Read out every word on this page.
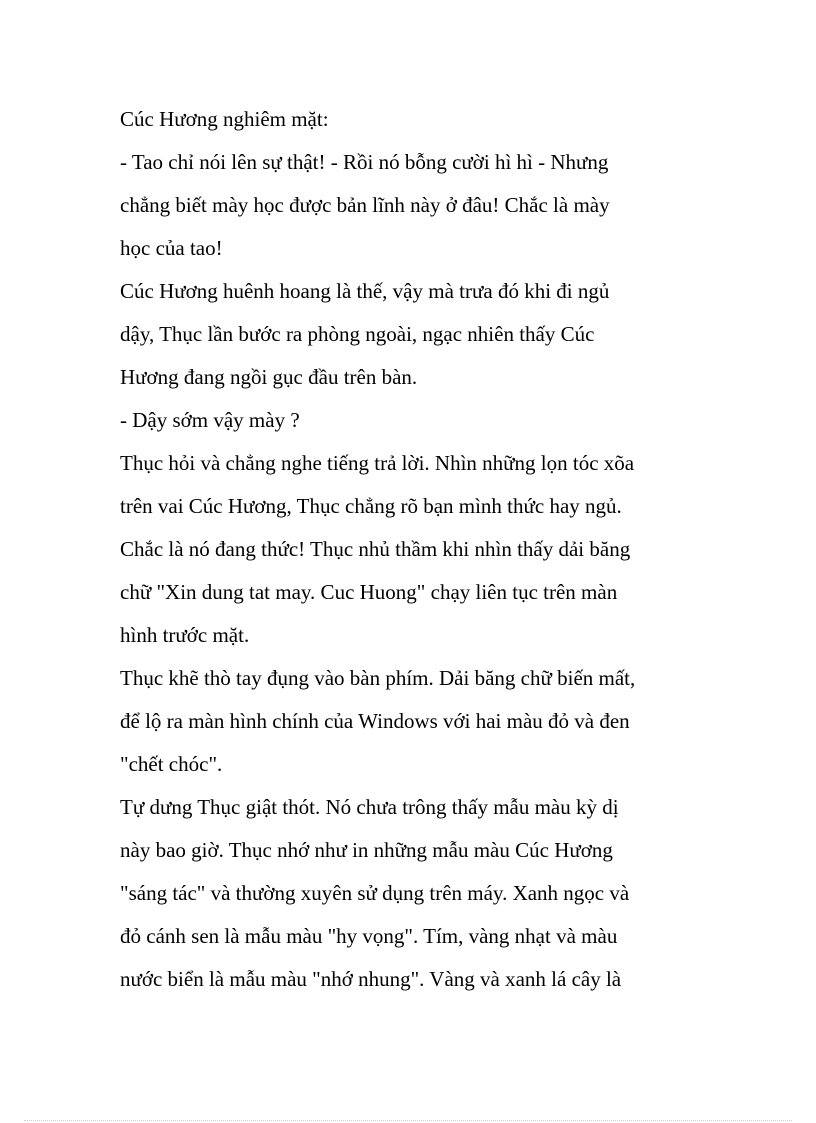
Cúc Hương nghiêm mặt:

- Tao chỉ nói lên sự thật! - Rồi nó bỗng cười hì hì - Nhưng

chẳng biết mày học được bản lĩnh này ở đâu! Chắc là mày

học của tao!

Cúc Hương huênh hoang là thế, vậy mà trưa đó khi đi ngủ

dậy, Thục lần bước ra phòng ngoài, ngạc nhiên thấy Cúc

Hương đang ngồi gục đầu trên bàn.

- Dậy sớm vậy mày ?

Thục hỏi và chẳng nghe tiếng trả lời. Nhìn những lọn tóc xõa

trên vai Cúc Hương, Thục chẳng rõ bạn mình thức hay ngủ.

Chắc là nó đang thức! Thục nhủ thầm khi nhìn thấy dải băng

chữ "Xin dung tat may. Cuc Huong" chạy liên tục trên màn

hình trước mặt.

Thục khẽ thò tay đụng vào bàn phím. Dải băng chữ biến mất,

để lộ ra màn hình chính của Windows với hai màu đỏ và đen

"chết chóc".

Tự dưng Thục giật thót. Nó chưa trông thấy mẫu màu kỳ dị

này bao giờ. Thục nhớ như in những mẫu màu Cúc Hương

"sáng tác" và thường xuyên sử dụng trên máy. Xanh ngọc và

đỏ cánh sen là mẫu màu "hy vọng". Tím, vàng nhạt và màu

nước biển là mẫu màu "nhớ nhung". Vàng và xanh lá cây là
